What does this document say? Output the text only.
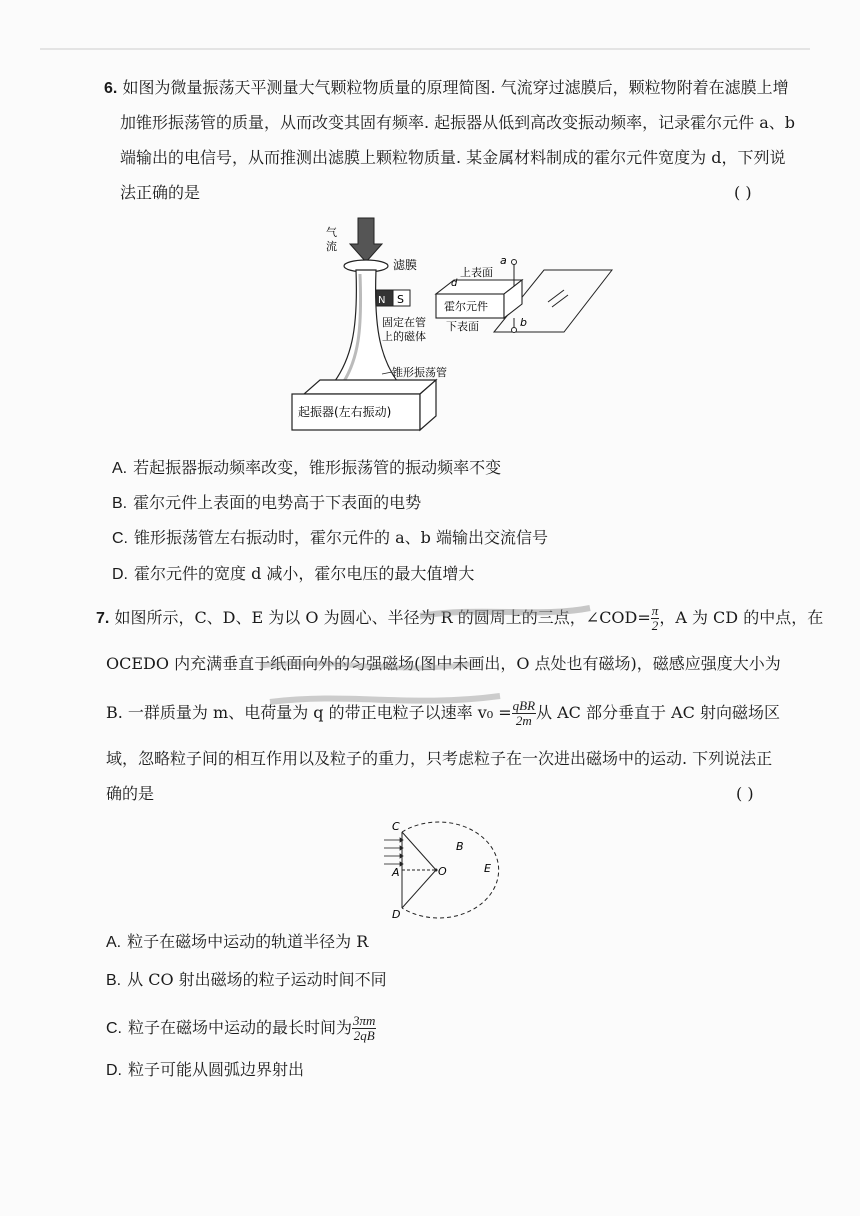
6. 如图为微量振荡天平测量大气颗粒物质量的原理简图. 气流穿过滤膜后，颗粒物附着在滤膜上增
加锥形振荡管的质量，从而改变其固有频率. 起振器从低到高改变振动频率，记录霍尔元件 a、b
端输出的电信号，从而推测出滤膜上颗粒物质量. 某金属材料制成的霍尔元件宽度为 d，下列说
法正确的是	( )
气
流
滤膜
N S
固定在管
上的磁体
锥形振荡管
起振器(左右振动)
霍尔元件
上表面
下表面
d
a
b
A. 若起振器振动频率改变，锥形振荡管的振动频率不变
B. 霍尔元件上表面的电势高于下表面的电势
C. 锥形振荡管左右振动时，霍尔元件的 a、b 端输出交流信号
D. 霍尔元件的宽度 d 减小，霍尔电压的最大值增大
7. 如图所示，C、D、E 为以 O 为圆心、半径为 R 的圆周上的三点，∠COD= $\frac{\pi}{2}$ ，A 为 CD 的中点，在
OCEDO 内充满垂直于纸面向外的匀强磁场(图中未画出，O 点处也有磁场)，磁感应强度大小为
B. 一群质量为 m、电荷量为 q 的带正电粒子以速率 $v_0 = \frac{\text{qBR}}{2m}$ 从 AC 部分垂直于 AC 射向磁场区
域，忽略粒子间的相互作用以及粒子的重力，只考虑粒子在一次进出磁场中的运动. 下列说法正
确的是	( )
C
D
A	O
B
E
A. 粒子在磁场中运动的轨道半径为 R
B. 从 CO 射出磁场的粒子运动时间不同
C. 粒子在磁场中运动的最长时间为 $\frac{3\pi m}{2qB}$
D. 粒子可能从圆弧边界射出
